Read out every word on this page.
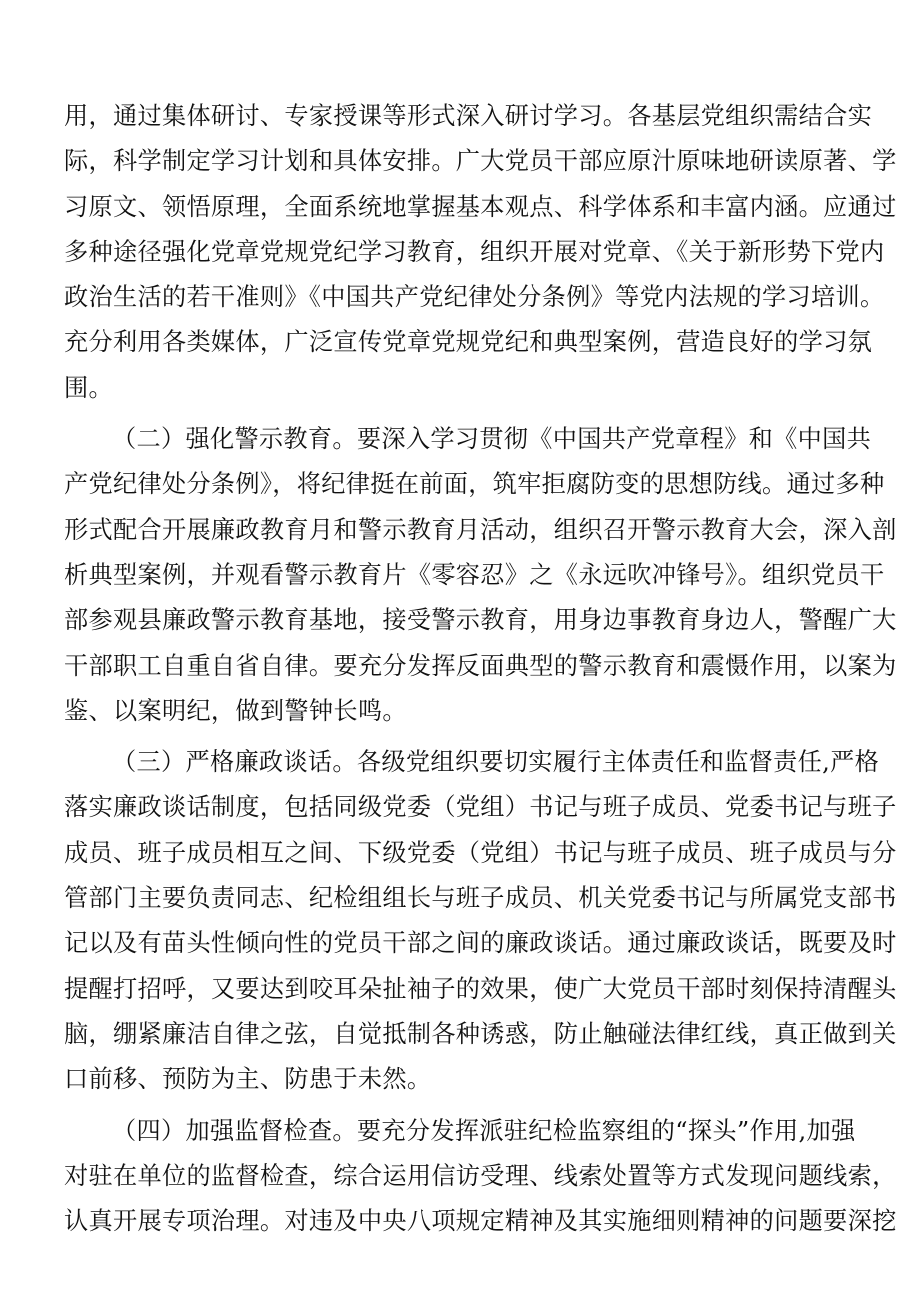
用，通过集体研讨、专家授课等形式深入研讨学习。各基层党组织需结合实
际，科学制定学习计划和具体安排。广大党员干部应原汁原味地研读原著、学
习原文、领悟原理，全面系统地掌握基本观点、科学体系和丰富内涵。应通过
多种途径强化党章党规党纪学习教育，组织开展对党章、《关于新形势下党内
政治生活的若干准则》《中国共产党纪律处分条例》等党内法规的学习培训。
充分利用各类媒体，广泛宣传党章党规党纪和典型案例，营造良好的学习氛
围。
（二）强化警示教育。要深入学习贯彻《中国共产党章程》和《中国共
产党纪律处分条例》，将纪律挺在前面，筑牢拒腐防变的思想防线。通过多种
形式配合开展廉政教育月和警示教育月活动，组织召开警示教育大会，深入剖
析典型案例，并观看警示教育片《零容忍》之《永远吹冲锋号》。组织党员干
部参观县廉政警示教育基地，接受警示教育，用身边事教育身边人，警醒广大
干部职工自重自省自律。要充分发挥反面典型的警示教育和震慑作用，以案为
鉴、以案明纪，做到警钟长鸣。
（三）严格廉政谈话。各级党组织要切实履行主体责任和监督责任,严格
落实廉政谈话制度，包括同级党委（党组）书记与班子成员、党委书记与班子
成员、班子成员相互之间、下级党委（党组）书记与班子成员、班子成员与分
管部门主要负责同志、纪检组组长与班子成员、机关党委书记与所属党支部书
记以及有苗头性倾向性的党员干部之间的廉政谈话。通过廉政谈话，既要及时
提醒打招呼，又要达到咬耳朵扯袖子的效果，使广大党员干部时刻保持清醒头
脑，绷紧廉洁自律之弦，自觉抵制各种诱惑，防止触碰法律红线，真正做到关
口前移、预防为主、防患于未然。
（四）加强监督检查。要充分发挥派驻纪检监察组的“探头”作用,加强
对驻在单位的监督检查，综合运用信访受理、线索处置等方式发现问题线索，
认真开展专项治理。对违及中央八项规定精神及其实施细则精神的问题要深挖
